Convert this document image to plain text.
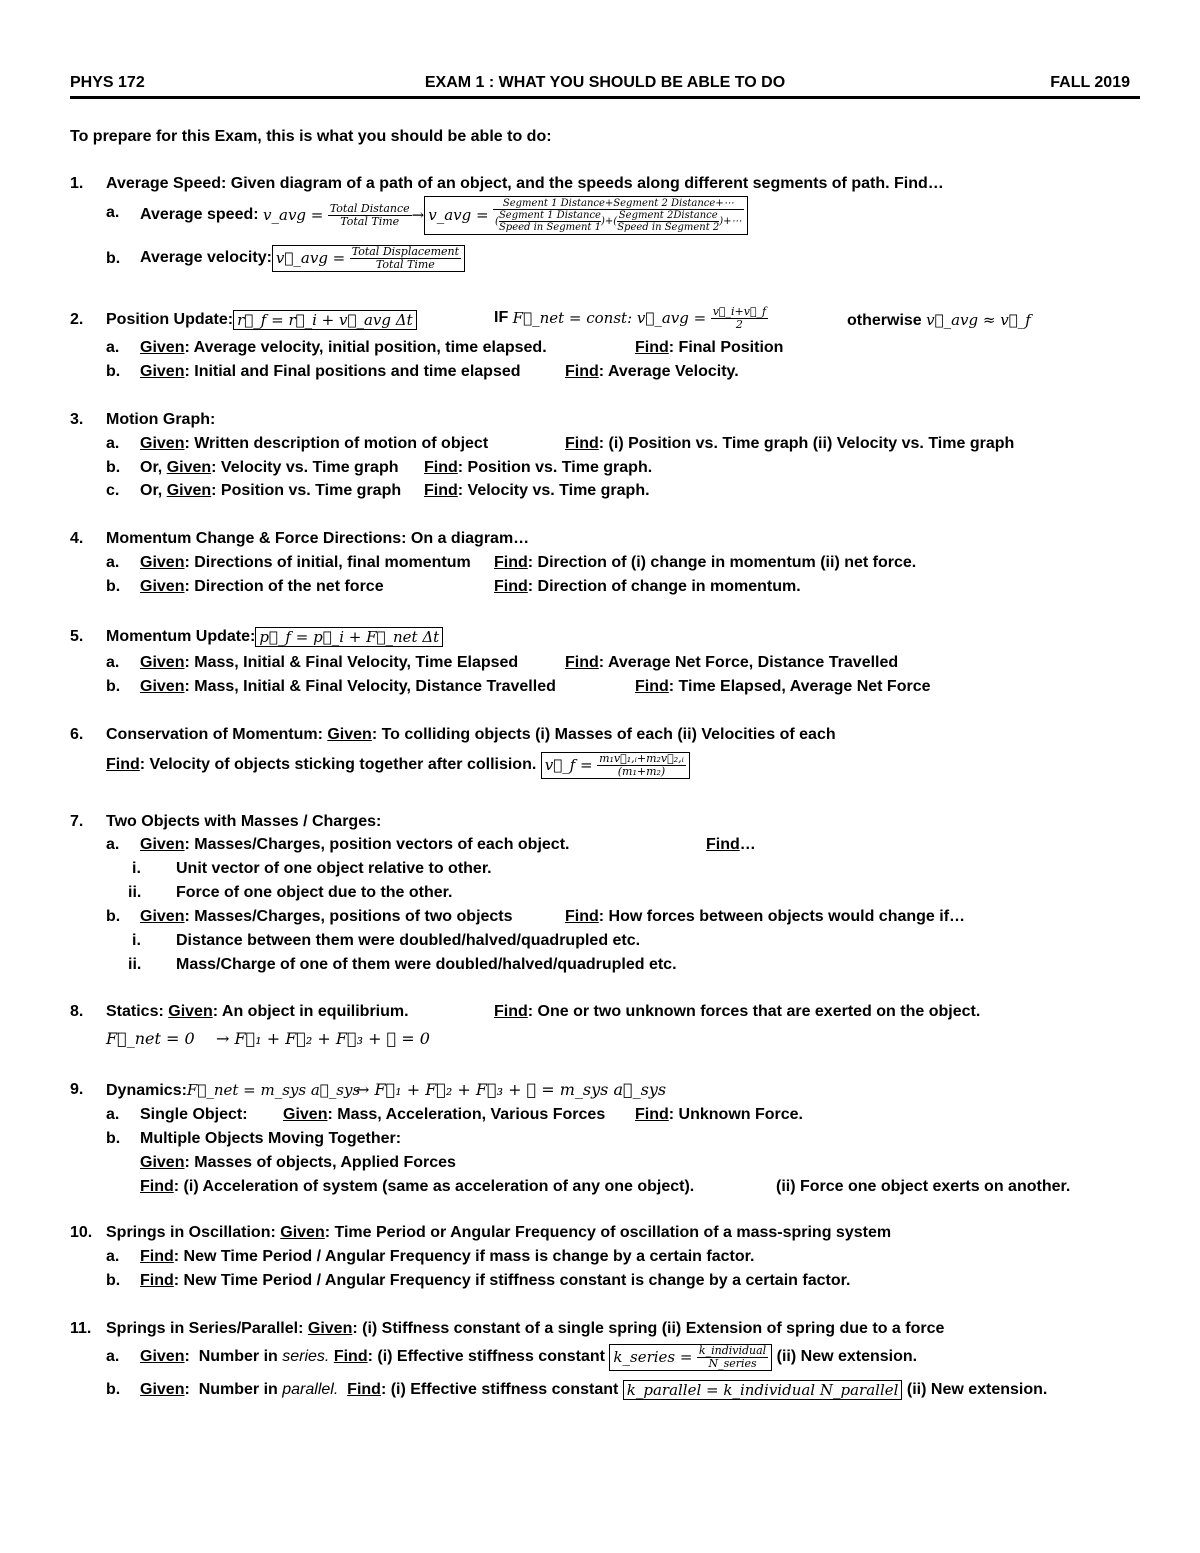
PHYS 172	EXAM 1 : WHAT YOU SHOULD BE ABLE TO DO	FALL 2019
To prepare for this Exam, this is what you should be able to do:
1. Average Speed: Given diagram of a path of an object, and the speeds along different segments of path. Find…
a. Average speed:
v_avg =
$\frac{\text{Total Distance}}{\text{Total Time}}$ → v_avg =

Segment 1 Distance+Segment 2 Distance+⋯
(
Segment 1 Distance
Speed in Segment 1
)+(
Segment 2Distance
Speed in Segment 2
)+⋯
b. Average velocity: v⃗_avg =
$\frac{\text{Total Displacement}}{\text{Total Time}}$
2. Position Update: r⃗_f = r⃗_i + v⃗_avg Δt	IF
F⃗_net = const: v⃗_avg =
$\frac{v⃗\_i+v⃗\_f}{2}$	otherwise v⃗_avg ≈ v⃗_f
a. Given: Average velocity, initial position, time elapsed.	Find: Final Position
b. Given: Initial and Final positions and time elapsed	Find: Average Velocity.
3. Motion Graph:
a. Given: Written description of motion of object	Find: (i) Position vs. Time graph (ii) Velocity vs. Time graph
b. Or, Given: Velocity vs. Time graph Find: Position vs. Time graph.
c. Or, Given: Position vs. Time graph Find: Velocity vs. Time graph.
4. Momentum Change & Force Directions: On a diagram…
a. Given: Directions of initial, final momentum Find: Direction of (i) change in momentum (ii) net force.
b. Given: Direction of the net force	Find: Direction of change in momentum.
5. Momentum Update: p⃗_f = p⃗_i + F⃗_net Δt
a. Given: Mass, Initial & Final Velocity, Time Elapsed	Find: Average Net Force, Distance Travelled
b. Given: Mass, Initial & Final Velocity, Distance Travelled	Find: Time Elapsed, Average Net Force
6. Conservation of Momentum: Given: To colliding objects (i) Masses of each (ii) Velocities of each
Find : Velocity of objects sticking together after collision.
v⃗_f =
$\frac{\text{m₁v⃗₁,ᵢ+m₂v⃗₂,ᵢ}}{\text{(m₁+m₂)}}$
7. Two Objects with Masses / Charges:
a. Given: Masses/Charges, position vectors of each object.	Find…
i. Unit vector of one object relative to other.
ii. Force of one object due to the other.
b. Given: Masses/Charges, positions of two objects	Find: How forces between objects would change if…
i. Distance between them were doubled/halved/quadrupled etc.
ii. Mass/Charge of one of them were doubled/halved/quadrupled etc.
8. Statics: Given: An object in equilibrium.	Find: One or two unknown forces that are exerted on the object.
F⃗_net = 0 → F⃗₁ + F⃗₂ + F⃗₃ + ⋯ = 0
9. Dynamics:F⃗_net = m_sys a⃗_sys
→ F⃗₁ + F⃗₂ + F⃗₃ + ⋯ = m_sys a⃗_sys
a. Single Object: Given: Mass, Acceleration, Various Forces Find: Unknown Force.
b. Multiple Objects Moving Together:
Given: Masses of objects, Applied Forces
Find: (i) Acceleration of system (same as acceleration of any one object).	(ii) Force one object exerts on another.
10. Springs in Oscillation: Given: Time Period or Angular Frequency of oscillation of a mass-spring system
a. Find: New Time Period / Angular Frequency if mass is change by a certain factor.
b. Find: New Time Period / Angular Frequency if stiffness constant is change by a certain factor.
11. Springs in Series/Parallel: Given: (i) Stiffness constant of a single spring (ii) Extension of spring due to a force
a. Given :  Number in series.
Find : (i) Effective stiffness constant
k_series =
$\frac{\text{k\_individual}}{\text{N\_series}}$
(ii) New extension.
b. Given:  Number in parallel. Find: (i) Effective stiffness constant k_parallel = k_individual N_parallel (ii) New extension.
